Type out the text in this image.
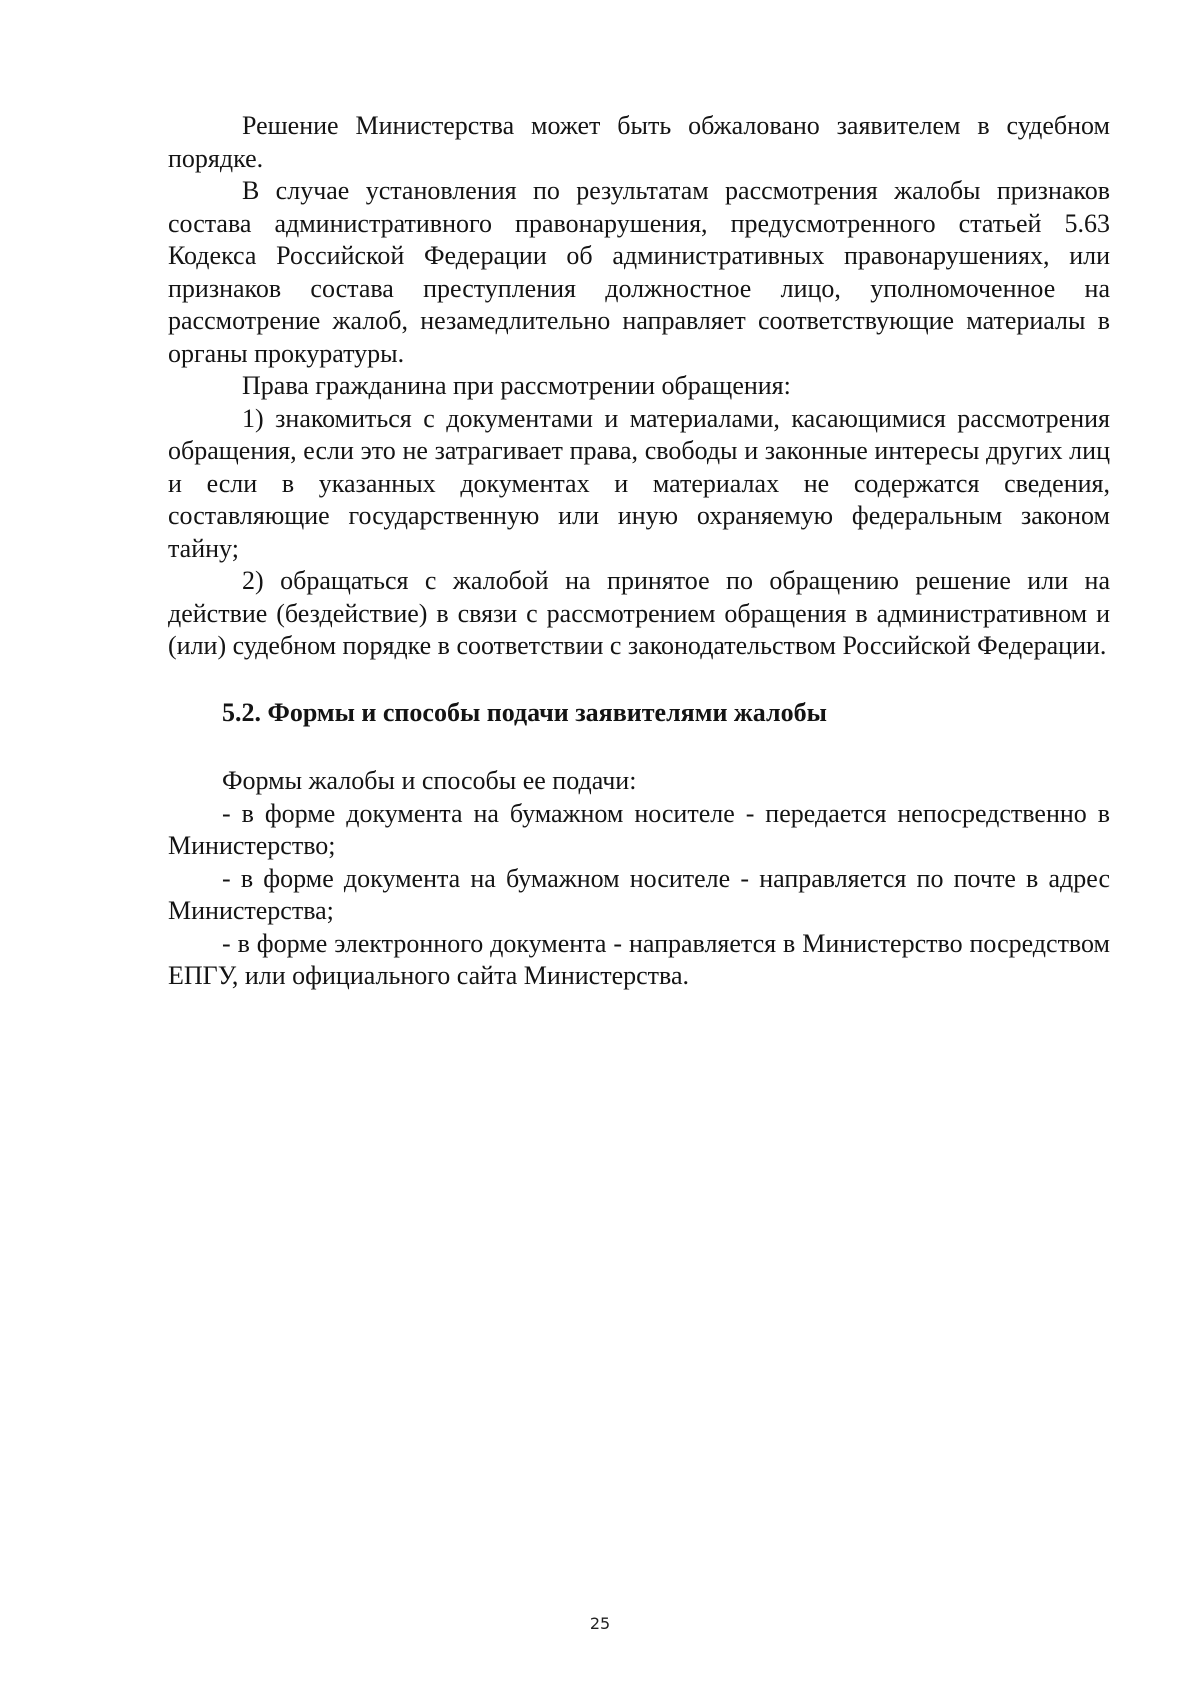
Решение Министерства может быть обжаловано заявителем в судебном порядке.

В случае установления по результатам рассмотрения жалобы признаков состава административного правонарушения, предусмотренного статьей 5.63 Кодекса Российской Федерации об административных правонарушениях, или признаков состава преступления должностное лицо, уполномоченное на рассмотрение жалоб, незамедлительно направляет соответствующие материалы в органы прокуратуры.

Права гражданина при рассмотрении обращения:

1) знакомиться с документами и материалами, касающимися рассмотрения обращения, если это не затрагивает права, свободы и законные интересы других лиц и если в указанных документах и материалах не содержатся сведения, составляющие государственную или иную охраняемую федеральным законом тайну;

2) обращаться с жалобой на принятое по обращению решение или на действие (бездействие) в связи с рассмотрением обращения в административном и (или) судебном порядке в соответствии с законодательством Российской Федерации.

5.2. Формы и способы подачи заявителями жалобы

Формы жалобы и способы ее подачи:

- в форме документа на бумажном носителе - передается непосредственно в Министерство;

- в форме документа на бумажном носителе - направляется по почте в адрес Министерства;

- в форме электронного документа - направляется в Министерство посредством ЕПГУ, или официального сайта Министерства.

25
